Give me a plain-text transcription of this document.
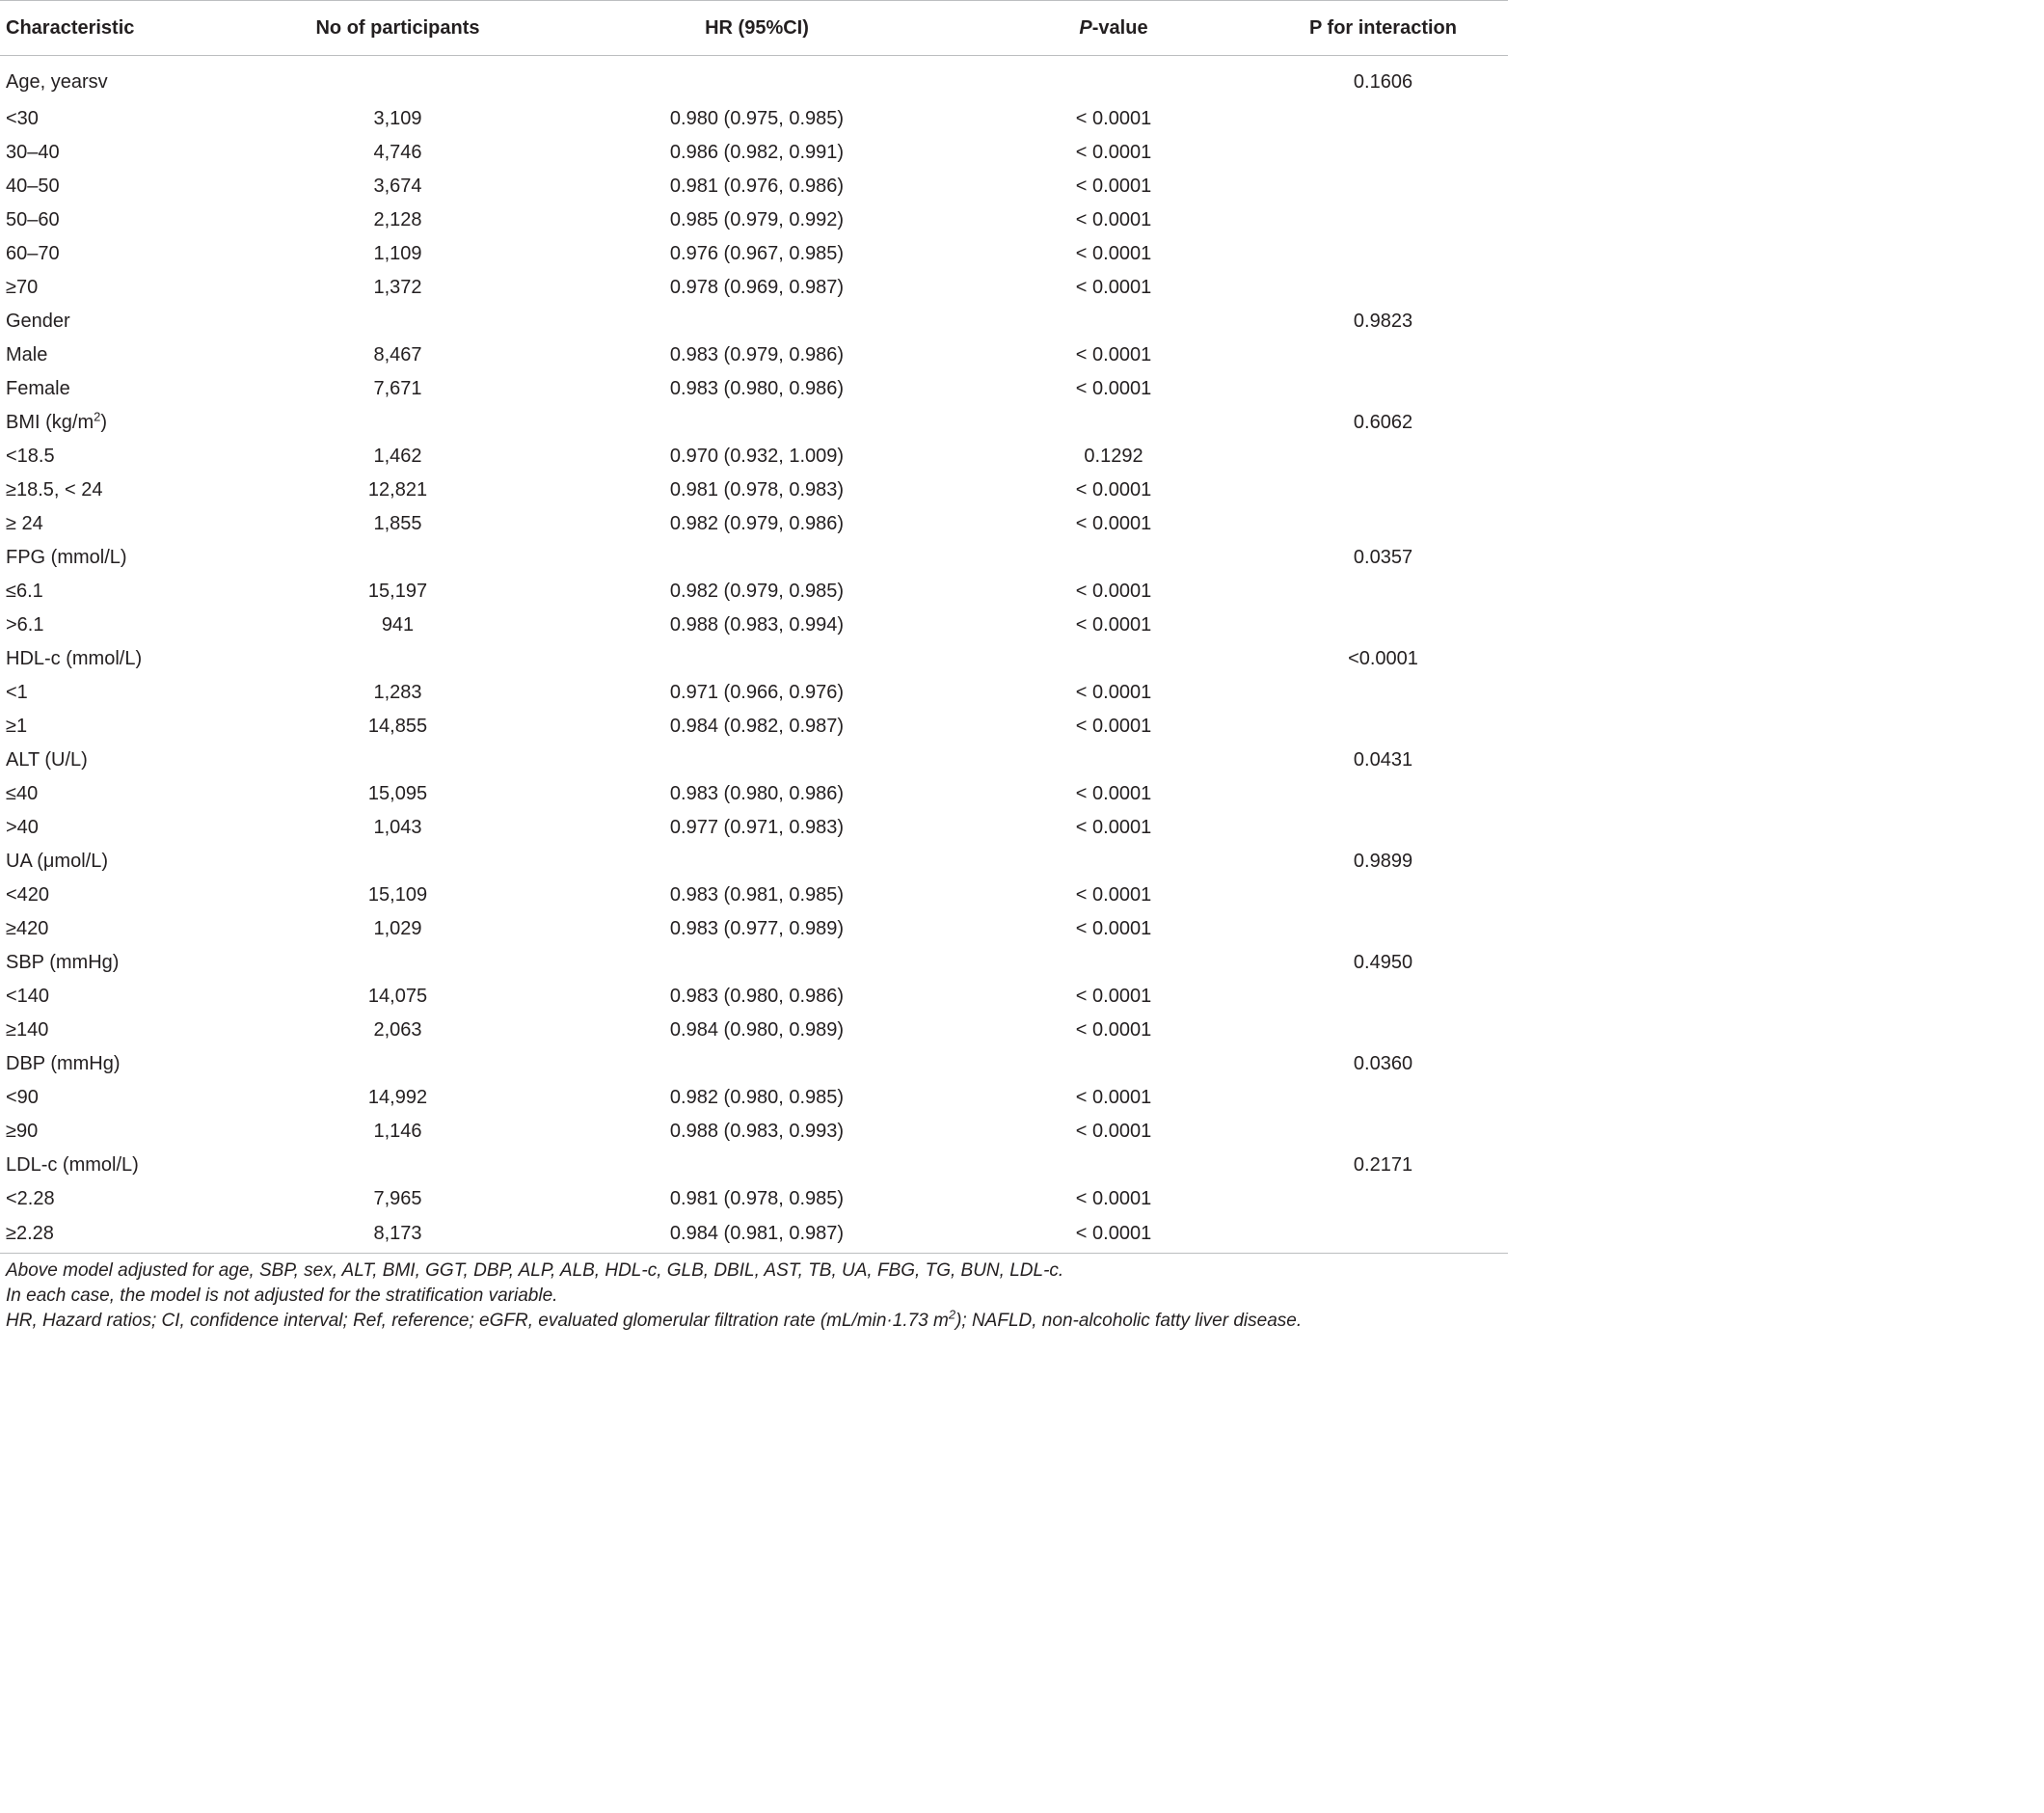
Characteristic	No of participants	HR (95%CI)	P-value	P for interaction
Age, yearsv				0.1606
<30	3,109	0.980 (0.975, 0.985)	< 0.0001	
30–40	4,746	0.986 (0.982, 0.991)	< 0.0001	
40–50	3,674	0.981 (0.976, 0.986)	< 0.0001	
50–60	2,128	0.985 (0.979, 0.992)	< 0.0001	
60–70	1,109	0.976 (0.967, 0.985)	< 0.0001	
≥70	1,372	0.978 (0.969, 0.987)	< 0.0001	
Gender				0.9823
Male	8,467	0.983 (0.979, 0.986)	< 0.0001	
Female	7,671	0.983 (0.980, 0.986)	< 0.0001	
BMI $(kg/m^2)$				0.6062
<18.5	1,462	0.970 (0.932, 1.009)	0.1292	
≥18.5, < 24	12,821	0.981 (0.978, 0.983)	< 0.0001	
≥ 24	1,855	0.982 (0.979, 0.986)	< 0.0001	
FPG (mmol/L)				0.0357
≤6.1	15,197	0.982 (0.979, 0.985)	< 0.0001	
>6.1	941	0.988 (0.983, 0.994)	< 0.0001	
HDL-c (mmol/L)				<0.0001
<1	1,283	0.971 (0.966, 0.976)	< 0.0001	
≥1	14,855	0.984 (0.982, 0.987)	< 0.0001	
ALT (U/L)				0.0431
≤40	15,095	0.983 (0.980, 0.986)	< 0.0001	
>40	1,043	0.977 (0.971, 0.983)	< 0.0001	
UA (μmol/L)				0.9899
<420	15,109	0.983 (0.981, 0.985)	< 0.0001	
≥420	1,029	0.983 (0.977, 0.989)	< 0.0001	
SBP (mmHg)				0.4950
<140	14,075	0.983 (0.980, 0.986)	< 0.0001	
≥140	2,063	0.984 (0.980, 0.989)	< 0.0001	
DBP (mmHg)				0.0360
<90	14,992	0.982 (0.980, 0.985)	< 0.0001	
≥90	1,146	0.988 (0.983, 0.993)	< 0.0001	
LDL-c (mmol/L)				0.2171
<2.28	7,965	0.981 (0.978, 0.985)	< 0.0001	
≥2.28	8,173	0.984 (0.981, 0.987)	< 0.0001	

Above model adjusted for age, SBP, sex, ALT, BMI, GGT, DBP, ALP, ALB, HDL-c, GLB, DBIL, AST, TB, UA, FBG, TG, BUN, LDL-c.

In each case, the model is not adjusted for the stratification variable.

HR, Hazard ratios; CI, confidence interval; Ref, reference; eGFR, evaluated glomerular filtration rate (mL/min·1.73 $m^2$); NAFLD, non-alcoholic fatty liver disease.
